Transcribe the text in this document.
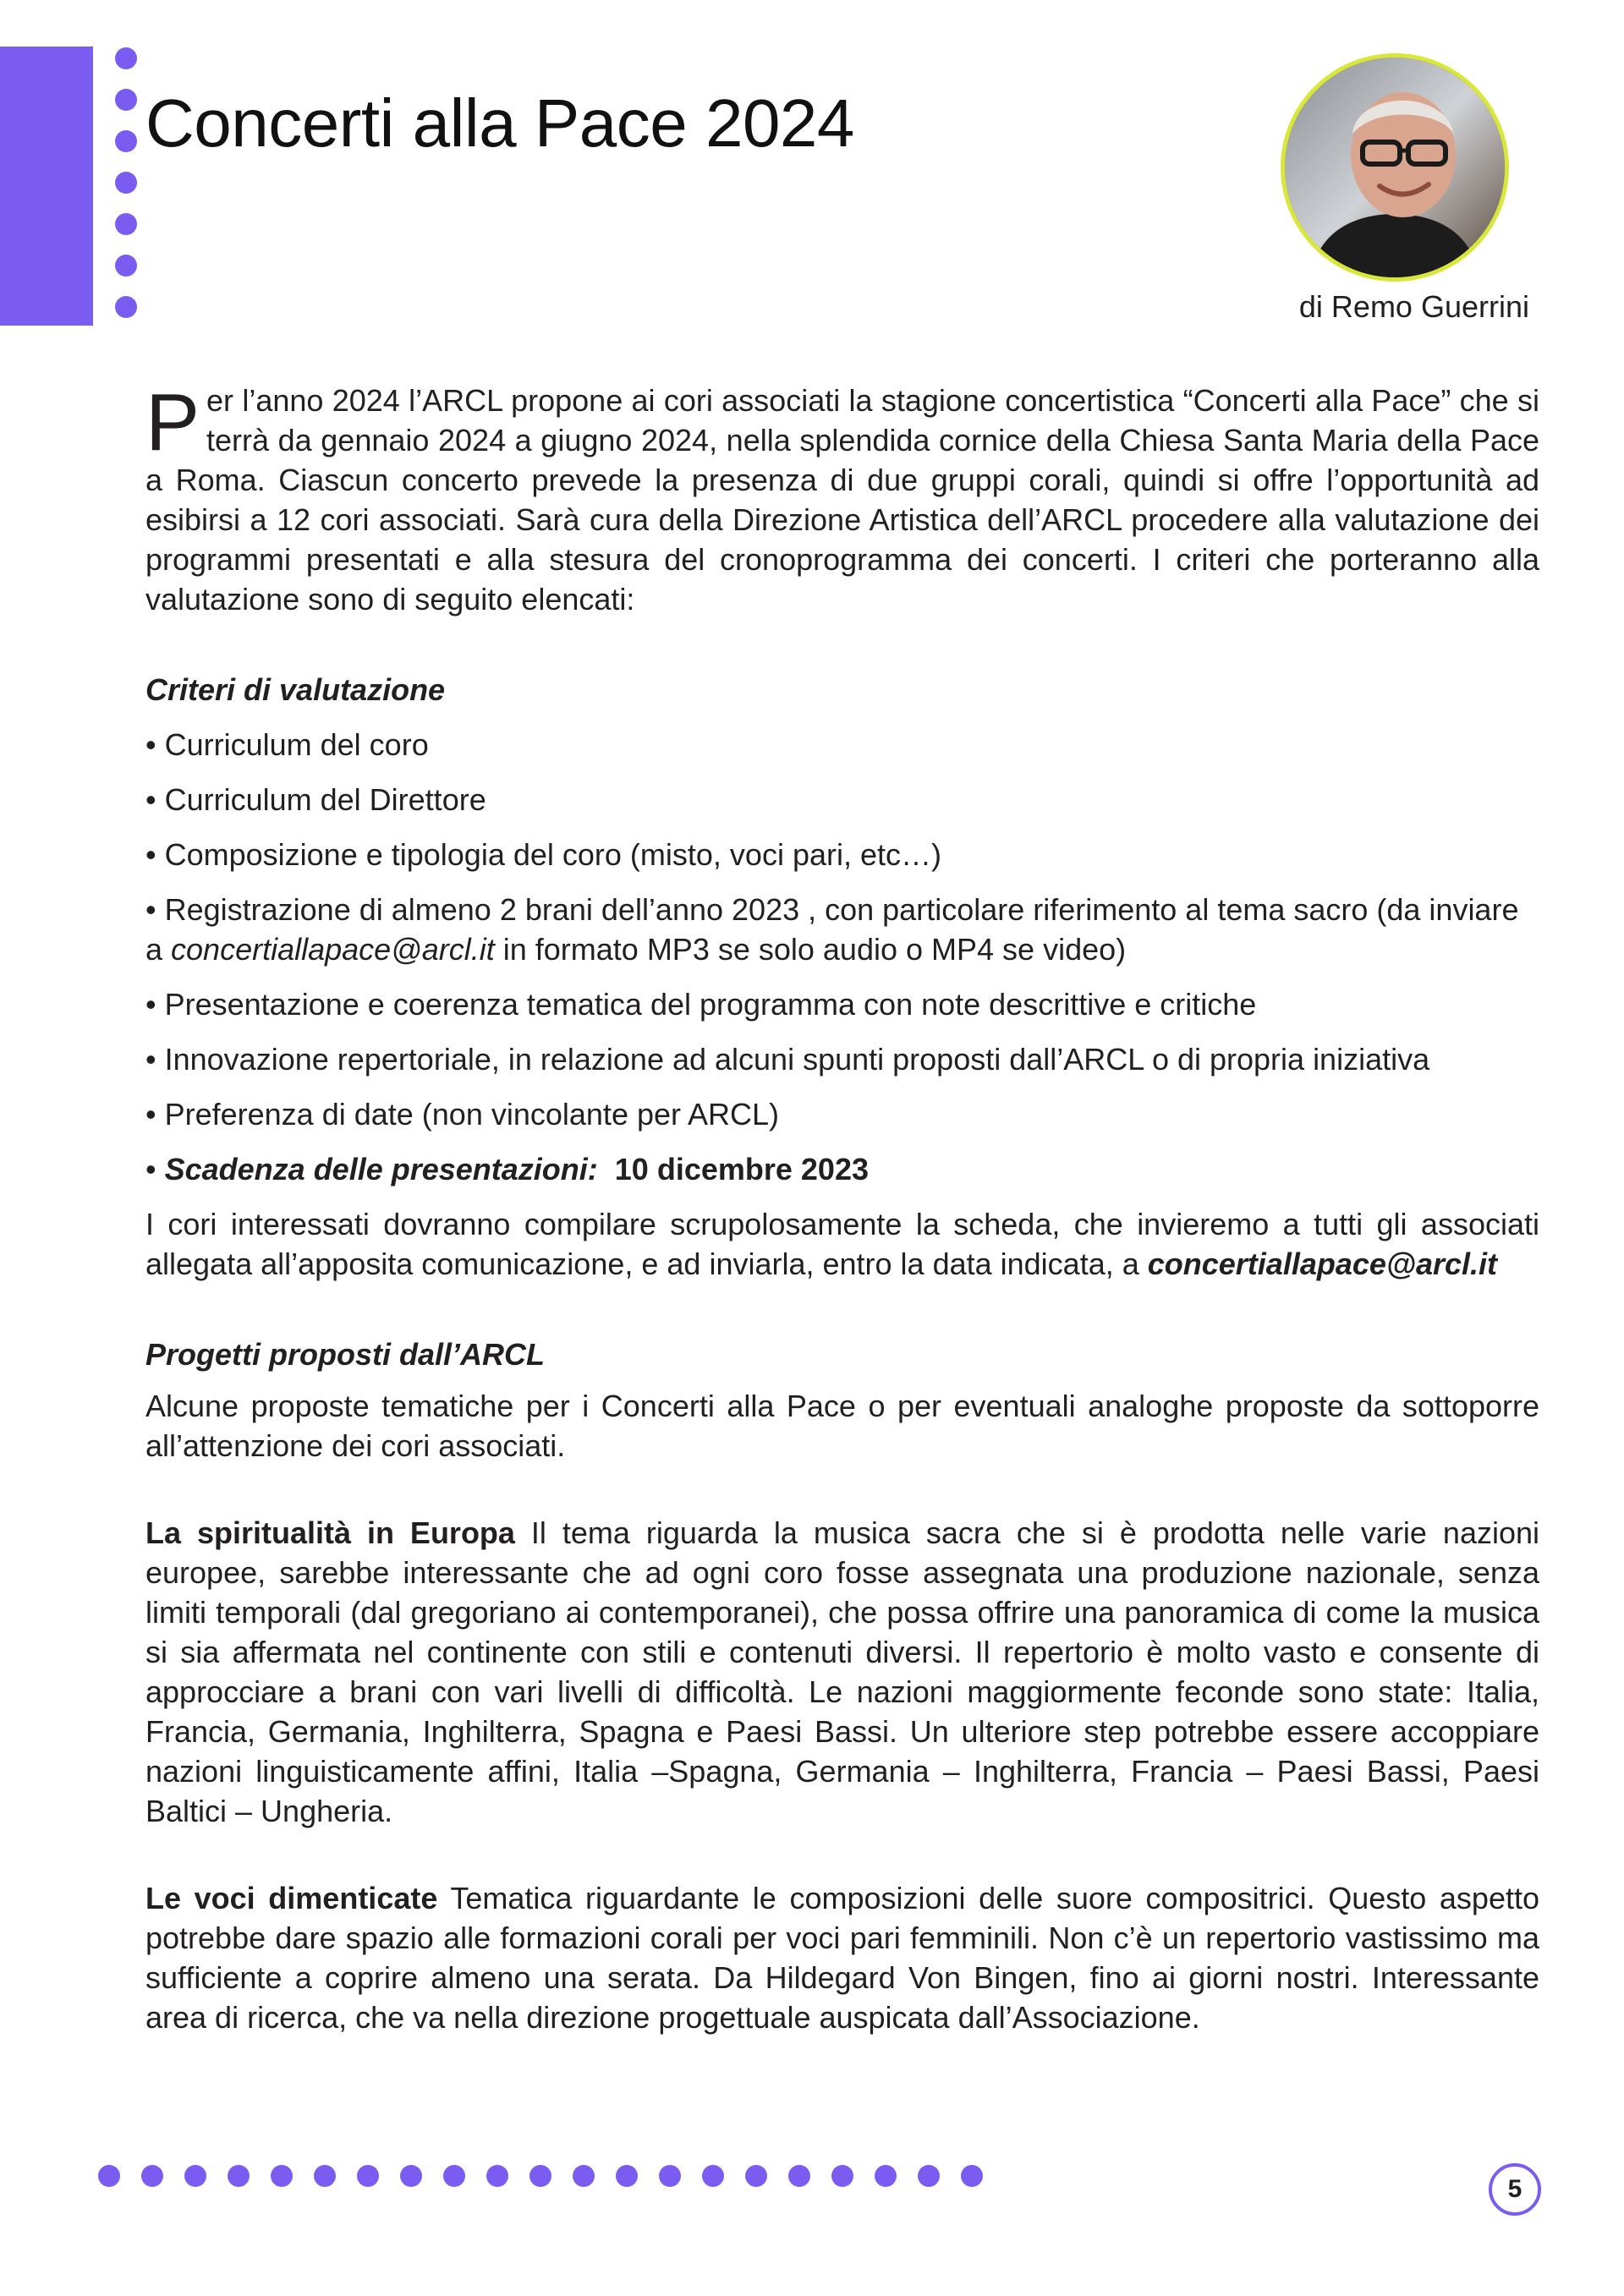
Concerti alla Pace 2024
di Remo Guerrini

Per l’anno 2024 l’ARCL propone ai cori associati la stagione concertistica “Concerti alla Pace” che si terrà da gennaio 2024 a giugno 2024, nella splendida cornice della Chiesa Santa Maria della Pace a Roma. Ciascun concerto prevede la presenza di due gruppi corali, quindi si offre l’opportunità ad esibirsi a 12 cori associati. Sarà cura della Direzione Artistica dell’ARCL procedere alla valutazione dei programmi presentati e alla stesura del cronoprogramma dei concerti. I criteri che porteranno alla valutazione sono di seguito elencati:

Criteri di valutazione

• Curriculum del coro
• Curriculum del Direttore
• Composizione e tipologia del coro (misto, voci pari, etc…)
• Registrazione di almeno 2 brani dell’anno 2023 , con particolare riferimento al tema sacro (da inviare a concertiallapace@arcl.it in formato MP3 se solo audio o MP4 se video)
• Presentazione e coerenza tematica del programma con note descrittive e critiche
• Innovazione repertoriale, in relazione ad alcuni spunti proposti dall’ARCL o di propria iniziativa
• Preferenza di date (non vincolante per ARCL)
• Scadenza delle presentazioni: 10 dicembre 2023

I cori interessati dovranno compilare scrupolosamente la scheda, che invieremo a tutti gli associati allegata all’apposita comunicazione, e ad inviarla, entro la data indicata, a concertiallapace@arcl.it

Progetti proposti dall’ARCL

Alcune proposte tematiche per i Concerti alla Pace o per eventuali analoghe proposte da sottoporre all’attenzione dei cori associati.

La spiritualità in Europa Il tema riguarda la musica sacra che si è prodotta nelle varie nazioni europee, sarebbe interessante che ad ogni coro fosse assegnata una produzione nazionale, senza limiti temporali (dal gregoriano ai contemporanei), che possa offrire una panoramica di come la musica si sia affermata nel continente con stili e contenuti diversi. Il repertorio è molto vasto e consente di approcciare a brani con vari livelli di difficoltà. Le nazioni maggiormente feconde sono state: Italia, Francia, Germania, Inghilterra, Spagna e Paesi Bassi. Un ulteriore step potrebbe essere accoppiare nazioni linguisticamente affini, Italia –Spagna, Germania – Inghilterra, Francia – Paesi Bassi, Paesi Baltici – Ungheria.

Le voci dimenticate Tematica riguardante le composizioni delle suore compositrici. Questo aspetto potrebbe dare spazio alle formazioni corali per voci pari femminili. Non c’è un repertorio vastissimo ma sufficiente a coprire almeno una serata. Da Hildegard Von Bingen, fino ai giorni nostri. Interessante area di ricerca, che va nella direzione progettuale auspicata dall’Associazione.

5
